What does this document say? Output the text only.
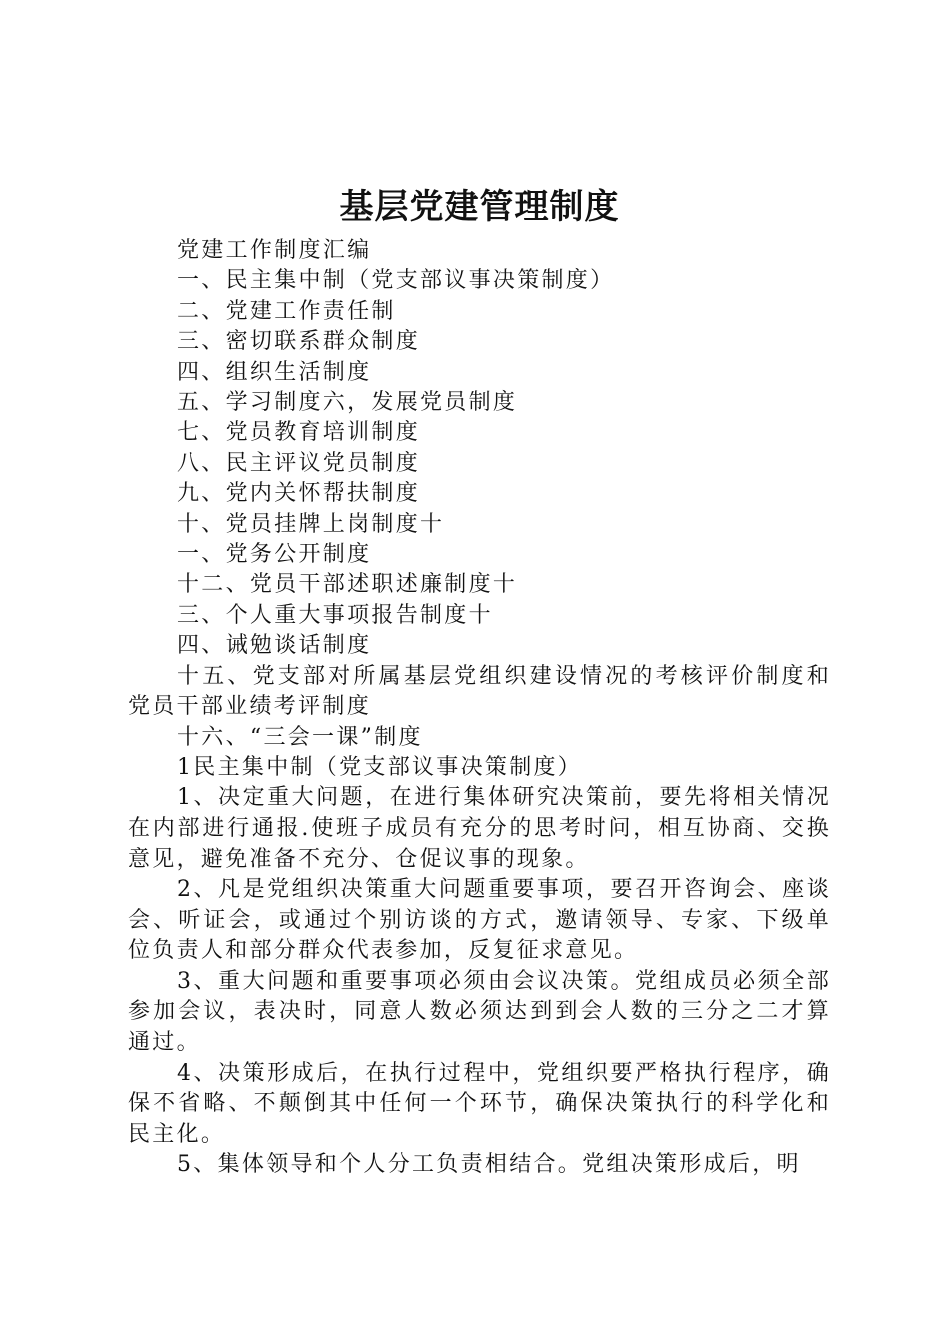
基层党建管理制度
党建工作制度汇编
一、民主集中制（党支部议事决策制度）
二、党建工作责任制
三、密切联系群众制度
四、组织生活制度
五、学习制度六，发展党员制度
七、党员教育培训制度
八、民主评议党员制度
九、党内关怀帮扶制度
十、党员挂牌上岗制度十
一、党务公开制度
十二、党员干部述职述廉制度十
三、个人重大事项报告制度十
四、诫勉谈话制度
十五、党支部对所属基层党组织建设情况的考核评价制度和党员干部业绩考评制度
十六、“三会一课”制度
1民主集中制（党支部议事决策制度）

1、决定重大问题，在进行集体研究决策前，要先将相关情况在内部进行通报.使班子成员有充分的思考时问，相互协商、交换意见，避免准备不充分、仓促议事的现象。

2、凡是党组织决策重大问题重要事项，要召开咨询会、座谈会、听证会，或通过个别访谈的方式，邀请领导、专家、下级单位负责人和部分群众代表参加，反复征求意见。

3、重大问题和重要事项必须由会议决策。党组成员必须全部参加会议，表决时，同意人数必须达到到会人数的三分之二才算通过。

4、决策形成后，在执行过程中，党组织要严格执行程序，确保不省略、不颠倒其中任何一个环节，确保决策执行的科学化和民主化。

5、集体领导和个人分工负责相结合。党组决策形成后，明
